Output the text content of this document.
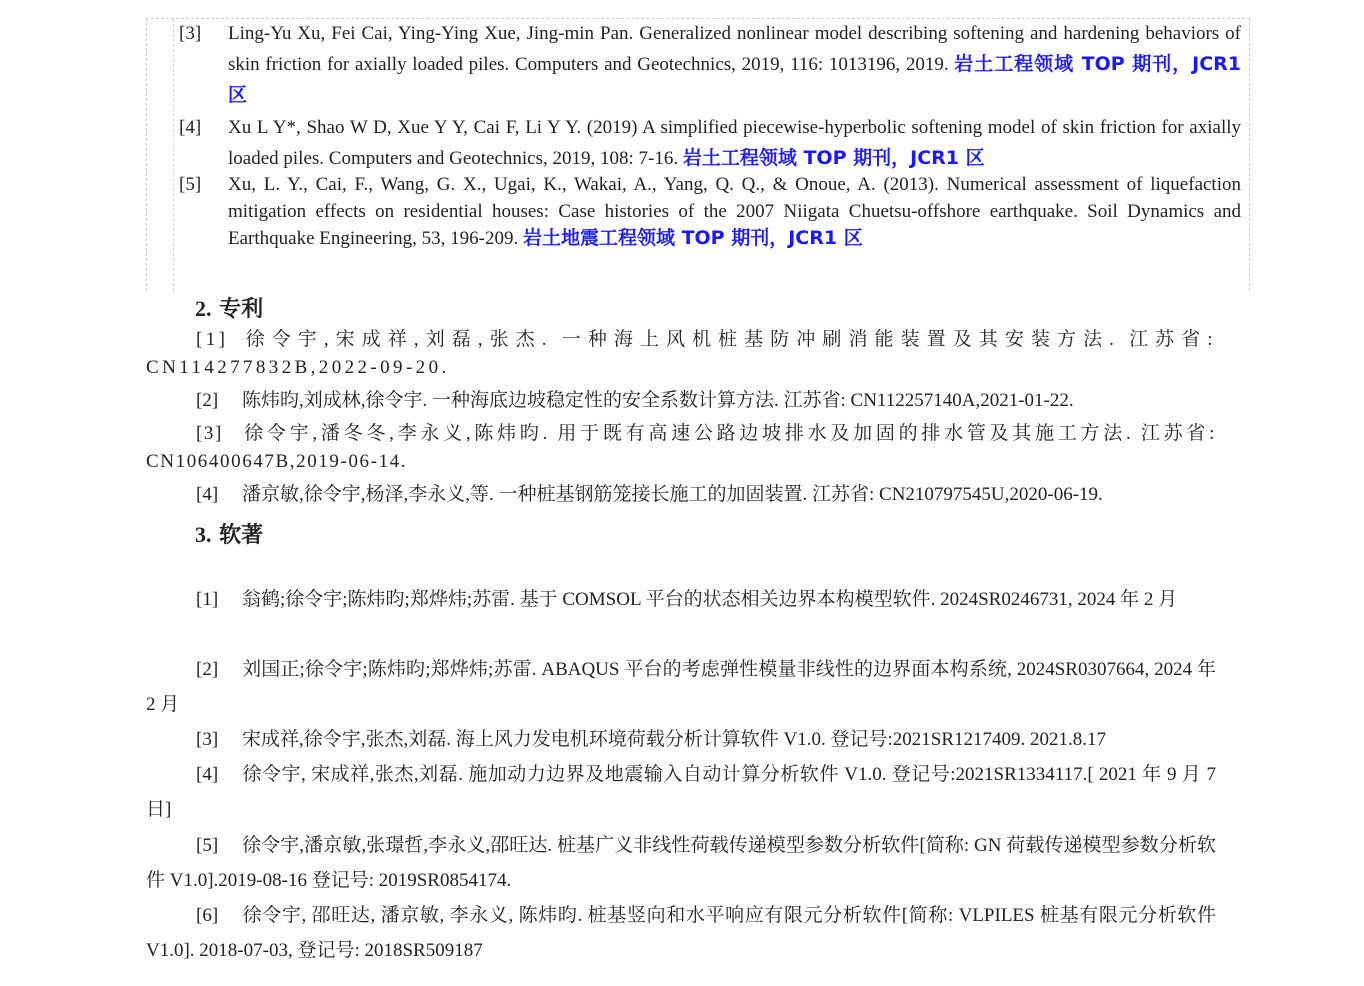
[3] Ling-Yu Xu, Fei Cai, Ying-Ying Xue, Jing-min Pan. Generalized nonlinear model describing softening and hardening behaviors of skin friction for axially loaded piles. Computers and Geotechnics, 2019, 116: 1013196, 2019. 岩土工程领域 TOP 期刊，JCR1 区
[4] Xu L Y*, Shao W D, Xue Y Y, Cai F, Li Y Y. (2019) A simplified piecewise-hyperbolic softening model of skin friction for axially loaded piles. Computers and Geotechnics, 2019, 108: 7-16. 岩土工程领域 TOP 期刊，JCR1 区
[5] Xu, L. Y., Cai, F., Wang, G. X., Ugai, K., Wakai, A., Yang, Q. Q., & Onoue, A. (2013). Numerical assessment of liquefaction mitigation effects on residential houses: Case histories of the 2007 Niigata Chuetsu-offshore earthquake. Soil Dynamics and Earthquake Engineering, 53, 196-209. 岩土地震工程领域 TOP 期刊，JCR1 区
2. 专利
[1] 徐令宇,宋成祥,刘磊,张杰. 一种海上风机桩基防冲刷消能装置及其安装方法. 江苏省: CN114277832B,2022-09-20.
[2] 陈炜昀,刘成林,徐令宇. 一种海底边坡稳定性的安全系数计算方法. 江苏省: CN112257140A,2021-01-22.
[3] 徐令宇,潘冬冬,李永义,陈炜昀. 用于既有高速公路边坡排水及加固的排水管及其施工方法. 江苏省: CN106400647B,2019-06-14.
[4] 潘京敏,徐令宇,杨泽,李永义,等. 一种桩基钢筋笼接长施工的加固装置. 江苏省: CN210797545U,2020-06-19.
3. 软著
[1] 翁鹤;徐令宇;陈炜昀;郑烨炜;苏雷. 基于 COMSOL 平台的状态相关边界本构模型软件. 2024SR0246731, 2024 年 2 月
[2] 刘国正;徐令宇;陈炜昀;郑烨炜;苏雷. ABAQUS 平台的考虑弹性模量非线性的边界面本构系统, 2024SR0307664, 2024 年 2 月
[3] 宋成祥,徐令宇,张杰,刘磊. 海上风力发电机环境荷载分析计算软件 V1.0. 登记号:2021SR1217409. 2021.8.17
[4] 徐令宇, 宋成祥,张杰,刘磊. 施加动力边界及地震输入自动计算分析软件 V1.0. 登记号:2021SR1334117.[ 2021 年 9 月 7 日]
[5] 徐令宇,潘京敏,张璟哲,李永义,邵旺达. 桩基广义非线性荷载传递模型参数分析软件[简称: GN 荷载传递模型参数分析软件 V1.0].2019-08-16 登记号: 2019SR0854174.
[6] 徐令宇, 邵旺达, 潘京敏, 李永义, 陈炜昀. 桩基竖向和水平响应有限元分析软件[简称: VLPILES 桩基有限元分析软件 V1.0]. 2018-07-03, 登记号: 2018SR509187
